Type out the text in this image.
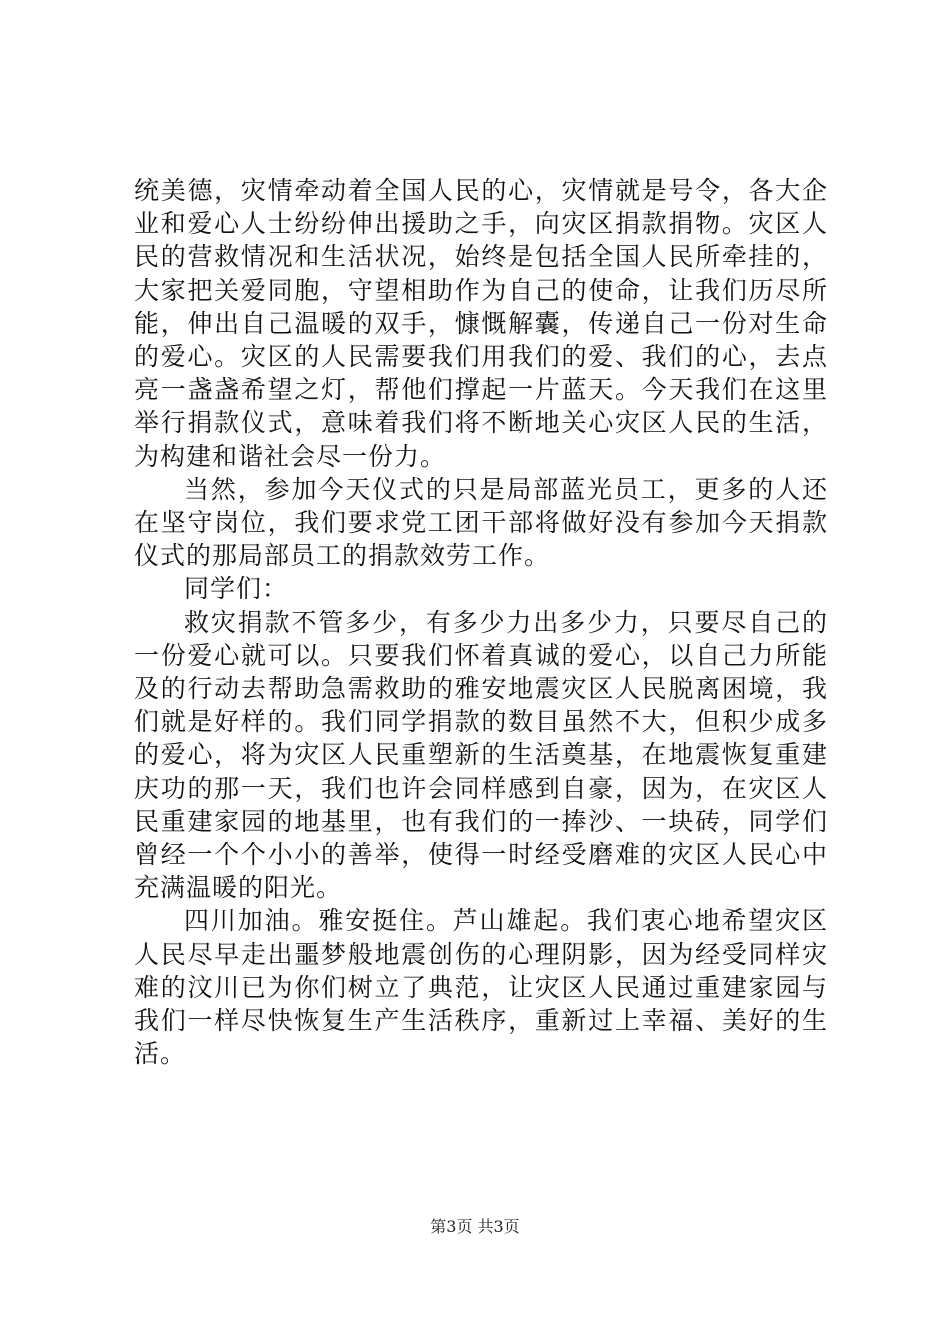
统美德，灾情牵动着全国人民的心，灾情就是号令，各大企业和爱心人士纷纷伸出援助之手，向灾区捐款捐物。灾区人民的营救情况和生活状况，始终是包括全国人民所牵挂的，大家把关爱同胞，守望相助作为自己的使命，让我们历尽所能，伸出自己温暖的双手，慷慨解囊，传递自己一份对生命的爱心。灾区的人民需要我们用我们的爱、我们的心，去点亮一盏盏希望之灯，帮他们撑起一片蓝天。今天我们在这里举行捐款仪式，意味着我们将不断地关心灾区人民的生活，为构建和谐社会尽一份力。

当然，参加今天仪式的只是局部蓝光员工，更多的人还在坚守岗位，我们要求党工团干部将做好没有参加今天捐款仪式的那局部员工的捐款效劳工作。

同学们：

救灾捐款不管多少，有多少力出多少力，只要尽自己的一份爱心就可以。只要我们怀着真诚的爱心，以自己力所能及的行动去帮助急需救助的雅安地震灾区人民脱离困境，我们就是好样的。我们同学捐款的数目虽然不大，但积少成多的爱心，将为灾区人民重塑新的生活奠基，在地震恢复重建庆功的那一天，我们也许会同样感到自豪，因为，在灾区人民重建家园的地基里，也有我们的一捧沙、一块砖，同学们曾经一个个小小的善举，使得一时经受磨难的灾区人民心中充满温暖的阳光。

四川加油。雅安挺住。芦山雄起。我们衷心地希望灾区人民尽早走出噩梦般地震创伤的心理阴影，因为经受同样灾难的汶川已为你们树立了典范，让灾区人民通过重建家园与我们一样尽快恢复生产生活秩序，重新过上幸福、美好的生活。

第3页 共3页
